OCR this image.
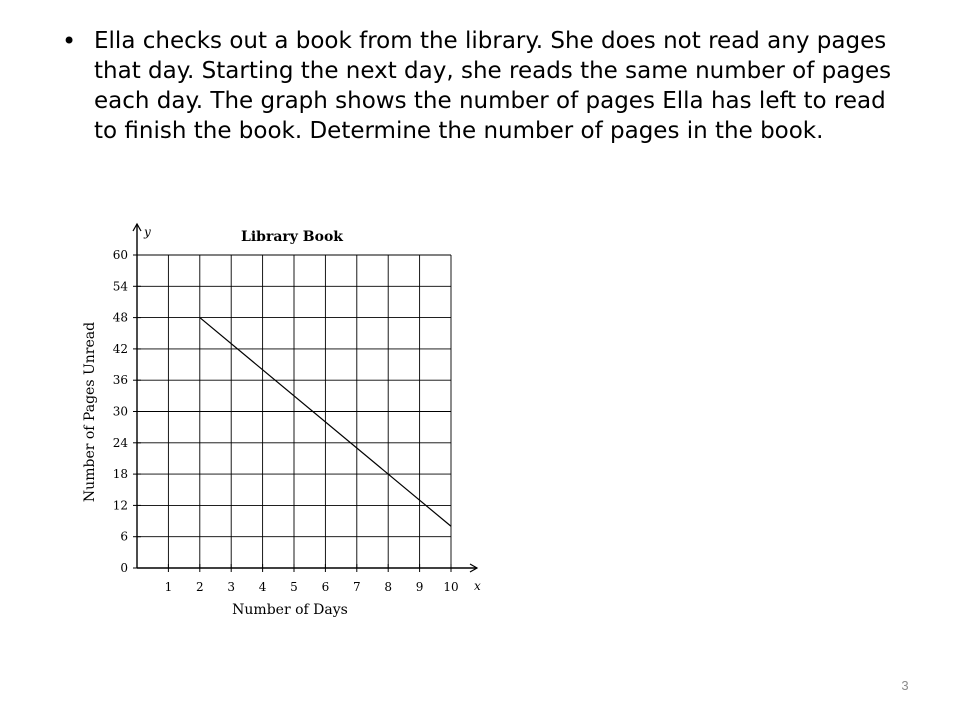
• Ella checks out a book from the library. She does not read any pages that day. Starting the next day, she reads the same number of pages each day. The graph shows the number of pages Ella has left to read to finish the book. Determine the number of pages in the book.
Library Book
y
x
Number of Days
Number of Pages Unread
1 2 3 4 5 6 7 8 9 10
0
6
12
18
24
30
36
42
48
54
60
3
